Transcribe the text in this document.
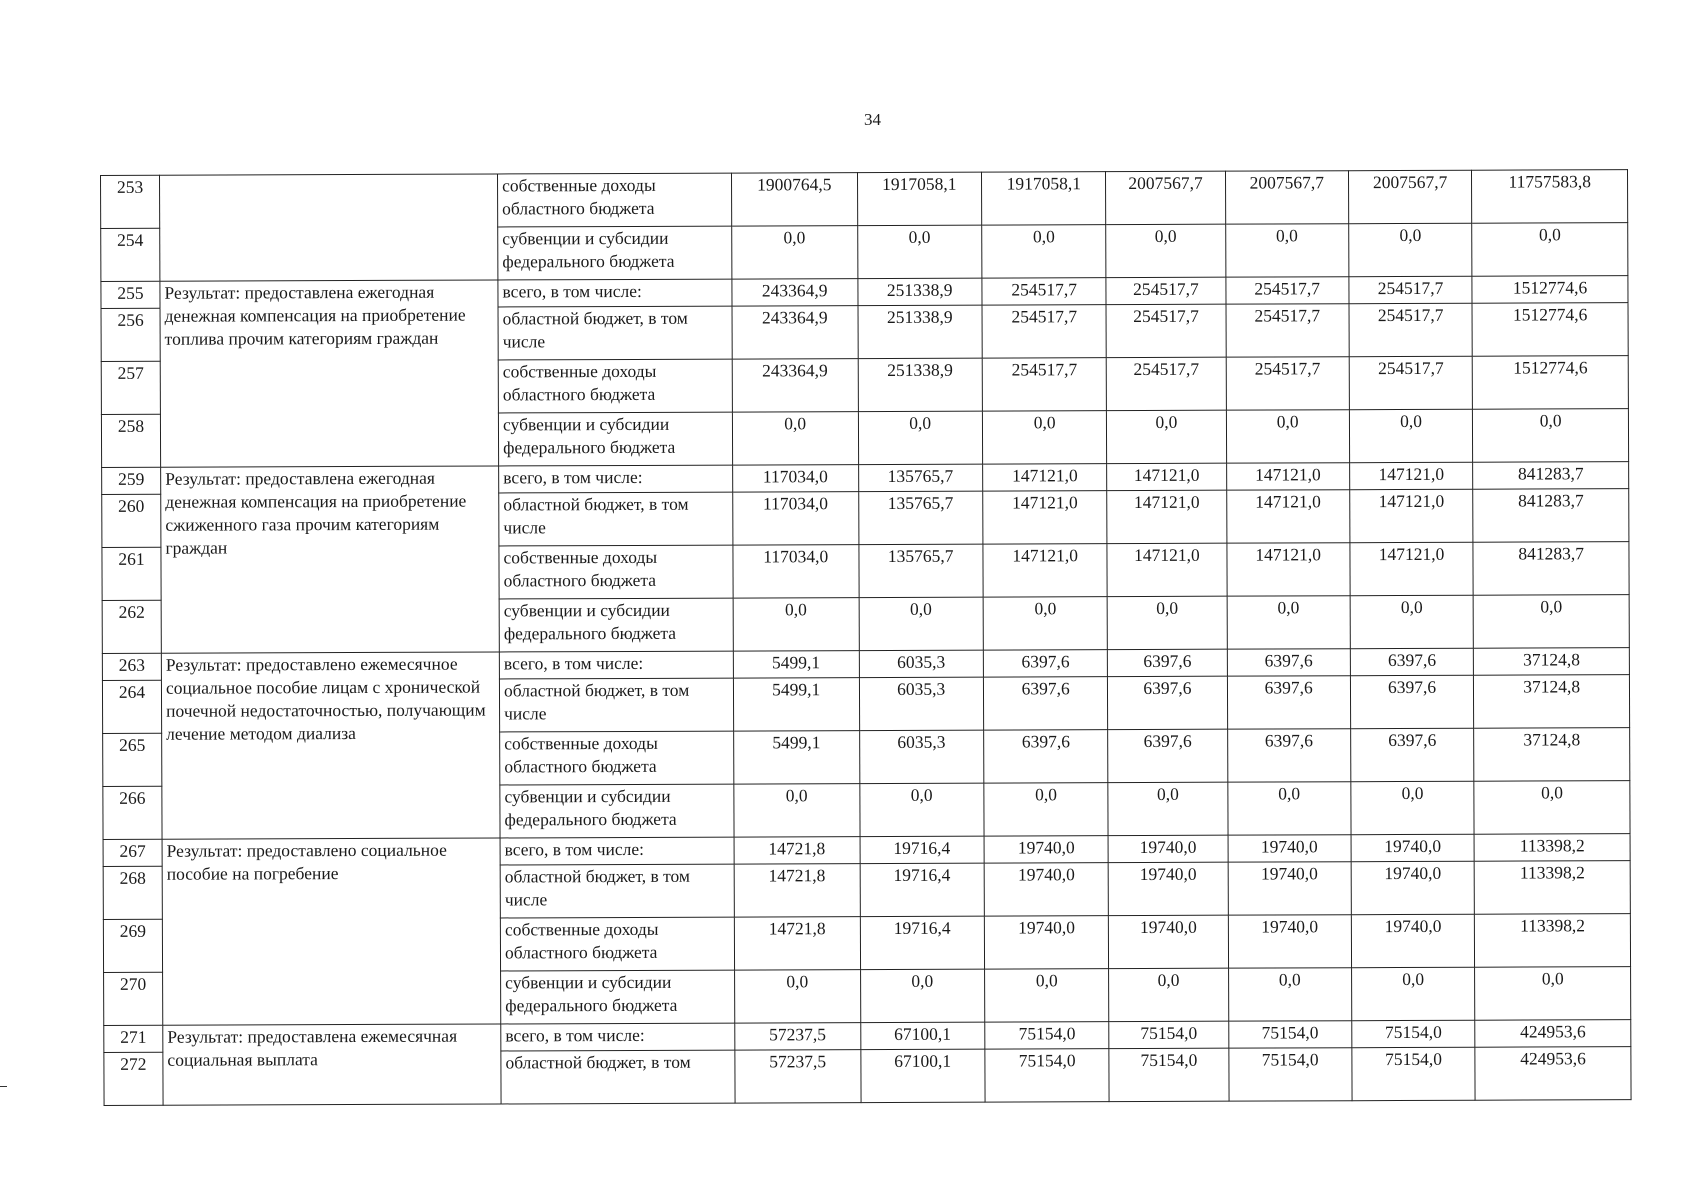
34
253		собственные доходы областного бюджета	1900764,5	1917058,1	1917058,1	2007567,7	2007567,7	2007567,7	11757583,8
254		субвенции и субсидии федерального бюджета	0,0	0,0	0,0	0,0	0,0	0,0	0,0
255	Результат: предоставлена ежегодная денежная компенсация на приобретение топлива прочим категориям граждан	всего, в том числе:	243364,9	251338,9	254517,7	254517,7	254517,7	254517,7	1512774,6
256		областной бюджет, в том числе	243364,9	251338,9	254517,7	254517,7	254517,7	254517,7	1512774,6
257		собственные доходы областного бюджета	243364,9	251338,9	254517,7	254517,7	254517,7	254517,7	1512774,6
258		субвенции и субсидии федерального бюджета	0,0	0,0	0,0	0,0	0,0	0,0	0,0
259	Результат: предоставлена ежегодная денежная компенсация на приобретение сжиженного газа прочим категориям граждан	всего, в том числе:	117034,0	135765,7	147121,0	147121,0	147121,0	147121,0	841283,7
260		областной бюджет, в том числе	117034,0	135765,7	147121,0	147121,0	147121,0	147121,0	841283,7
261		собственные доходы областного бюджета	117034,0	135765,7	147121,0	147121,0	147121,0	147121,0	841283,7
262		субвенции и субсидии федерального бюджета	0,0	0,0	0,0	0,0	0,0	0,0	0,0
263	Результат: предоставлено ежемесячное социальное пособие лицам с хронической почечной недостаточностью, получающим лечение методом диализа	всего, в том числе:	5499,1	6035,3	6397,6	6397,6	6397,6	6397,6	37124,8
264		областной бюджет, в том числе	5499,1	6035,3	6397,6	6397,6	6397,6	6397,6	37124,8
265		собственные доходы областного бюджета	5499,1	6035,3	6397,6	6397,6	6397,6	6397,6	37124,8
266		субвенции и субсидии федерального бюджета	0,0	0,0	0,0	0,0	0,0	0,0	0,0
267	Результат: предоставлено социальное пособие на погребение	всего, в том числе:	14721,8	19716,4	19740,0	19740,0	19740,0	19740,0	113398,2
268		областной бюджет, в том числе	14721,8	19716,4	19740,0	19740,0	19740,0	19740,0	113398,2
269		собственные доходы областного бюджета	14721,8	19716,4	19740,0	19740,0	19740,0	19740,0	113398,2
270		субвенции и субсидии федерального бюджета	0,0	0,0	0,0	0,0	0,0	0,0	0,0
271	Результат: предоставлена ежемесячная социальная выплата	всего, в том числе:	57237,5	67100,1	75154,0	75154,0	75154,0	75154,0	424953,6
272		областной бюджет, в том	57237,5	67100,1	75154,0	75154,0	75154,0	75154,0	424953,6
